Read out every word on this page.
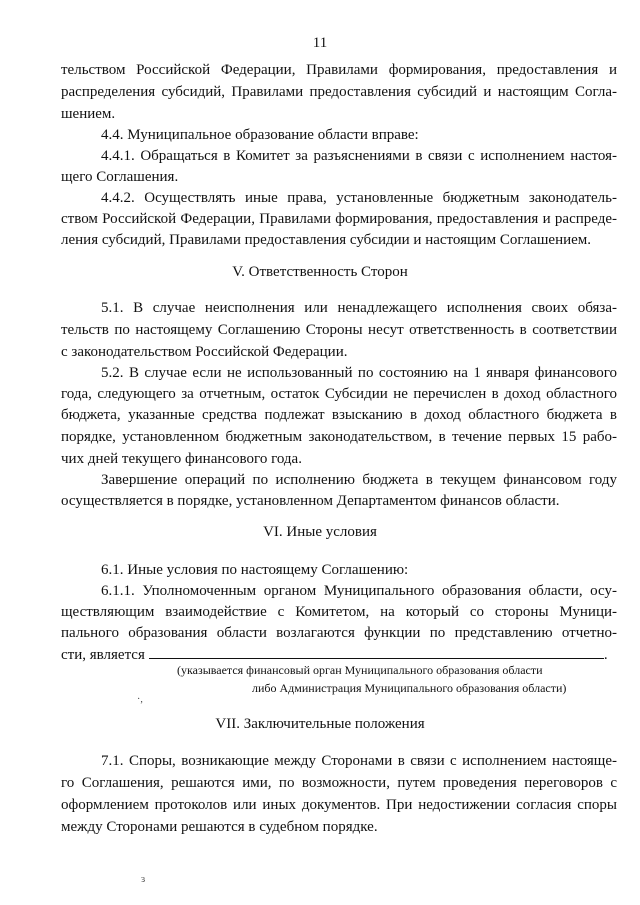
11
тельством Российской Федерации, Правилами формирования, предоставления и
распределения субсидий, Правилами предоставления субсидий и настоящим Согла-
шением.
4.4. Муниципальное образование области вправе:
4.4.1. Обращаться в Комитет за разъяснениями в связи с исполнением настоя-
щего Соглашения.
4.4.2. Осуществлять иные права, установленные бюджетным законодатель-
ством Российской Федерации, Правилами формирования, предоставления и распреде-
ления субсидий, Правилами предоставления субсидии и настоящим Соглашением.
V. Ответственность Сторон
5.1. В случае неисполнения или ненадлежащего исполнения своих обяза-
тельств по настоящему Соглашению Стороны несут ответственность в соответствии
с законодательством Российской Федерации.
5.2. В случае если не использованный по состоянию на 1 января финансового
года, следующего за отчетным, остаток Субсидии не перечислен в доход областного
бюджета, указанные средства подлежат взысканию в доход областного бюджета в
порядке, установленном бюджетным законодательством, в течение первых 15 рабо-
чих дней текущего финансового года.
Завершение операций по исполнению бюджета в текущем финансовом году
осуществляется в порядке, установленном Департаментом финансов области.
VI. Иные условия
6.1. Иные условия по настоящему Соглашению:
6.1.1. Уполномоченным органом Муниципального образования области, осу-
ществляющим взаимодействие с Комитетом, на который со стороны Муници-
пального образования области возлагаются функции по представлению отчетно-
сти, является	.
(указывается финансовый орган Муниципального образования области
либо Администрация Муниципального образования области)
·,
VII. Заключительные положения
7.1. Споры, возникающие между Сторонами в связи с исполнением настояще-
го Соглашения, решаются ими, по возможности, путем проведения переговоров с
оформлением протоколов или иных документов. При недостижении согласия споры
между Сторонами решаются в судебном порядке.
ɜ
